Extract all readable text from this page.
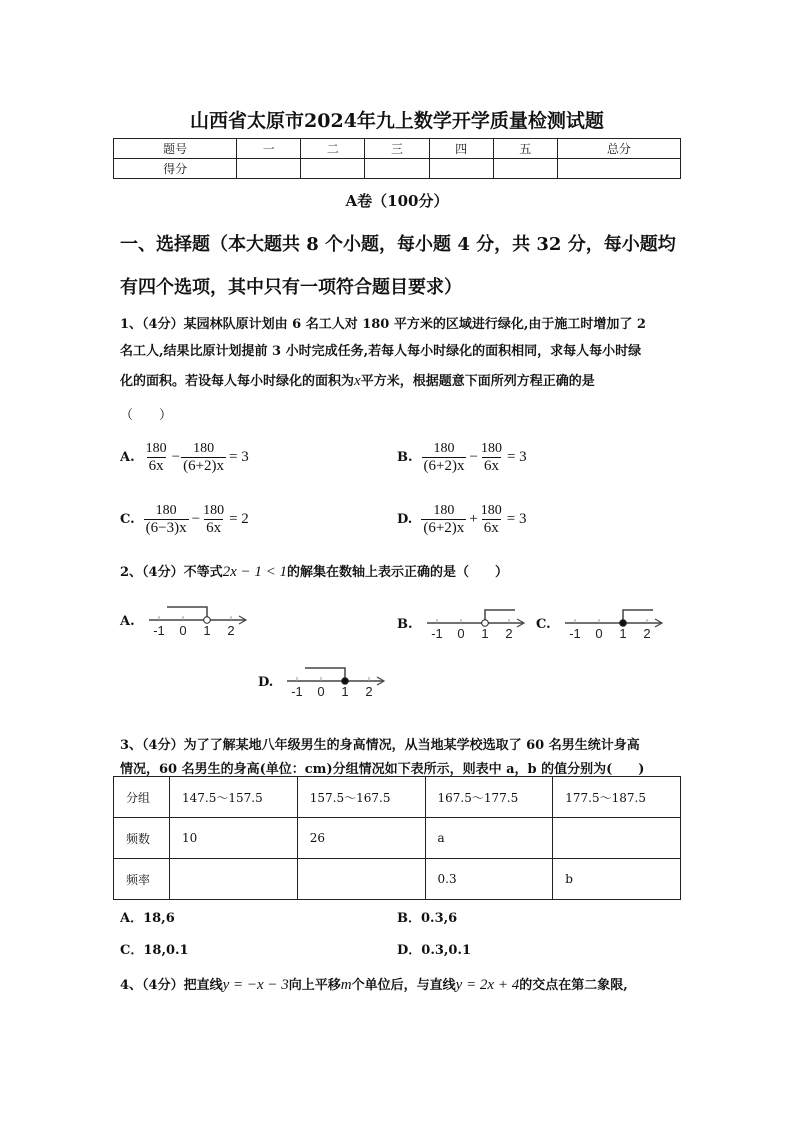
山西省太原市2024年九上数学开学质量检测试题
题号	一	二	三	四	五	总分
得分						
A卷（100分）
一、选择题（本大题共 8 个小题，每小题 4 分，共 32 分，每小题均
有四个选项，其中只有一项符合题目要求）
1、（4分）某园林队原计划由 6 名工人对 180 平方米的区域进行绿化,由于施工时增加了 2
名工人,结果比原计划提前 3 小时完成任务,若每人每小时绿化的面积相同，求每人每小时绿
化的面积。若设每人每小时绿化的面积为x平方米，根据题意下面所列方程正确的是
（　　）
A. $\frac{180}{6x} - \frac{180}{(6+2)x} = 3$	B. $\frac{180}{(6+2)x} - \frac{180}{6x} = 3$
C. $\frac{180}{(6-3)x} - \frac{180}{6x} = 2$	D. $\frac{180}{(6+2)x} + \frac{180}{6x} = 3$
2、（4分）不等式2x − 1 < 1的解集在数轴上表示正确的是（　　）
A.
-1 0 1 2	B.
-1 0 1 2
C.
-1 0 1 2
D.
-1 0 1 2
3、（4分）为了了解某地八年级男生的身高情况，从当地某学校选取了 60 名男生统计身高
情况，60 名男生的身高(单位：cm)分组情况如下表所示，则表中 a，b 的值分别为(　　)
分组	147.5～157.5	157.5～167.5	167.5～177.5	177.5～187.5
频数	10	26	a	
频率			0.3	b
A．18,6	B．0.3,6
C．18,0.1	D．0.3,0.1
4、（4分）把直线y = −x − 3向上平移m个单位后，与直线y = 2x + 4的交点在第二象限,
